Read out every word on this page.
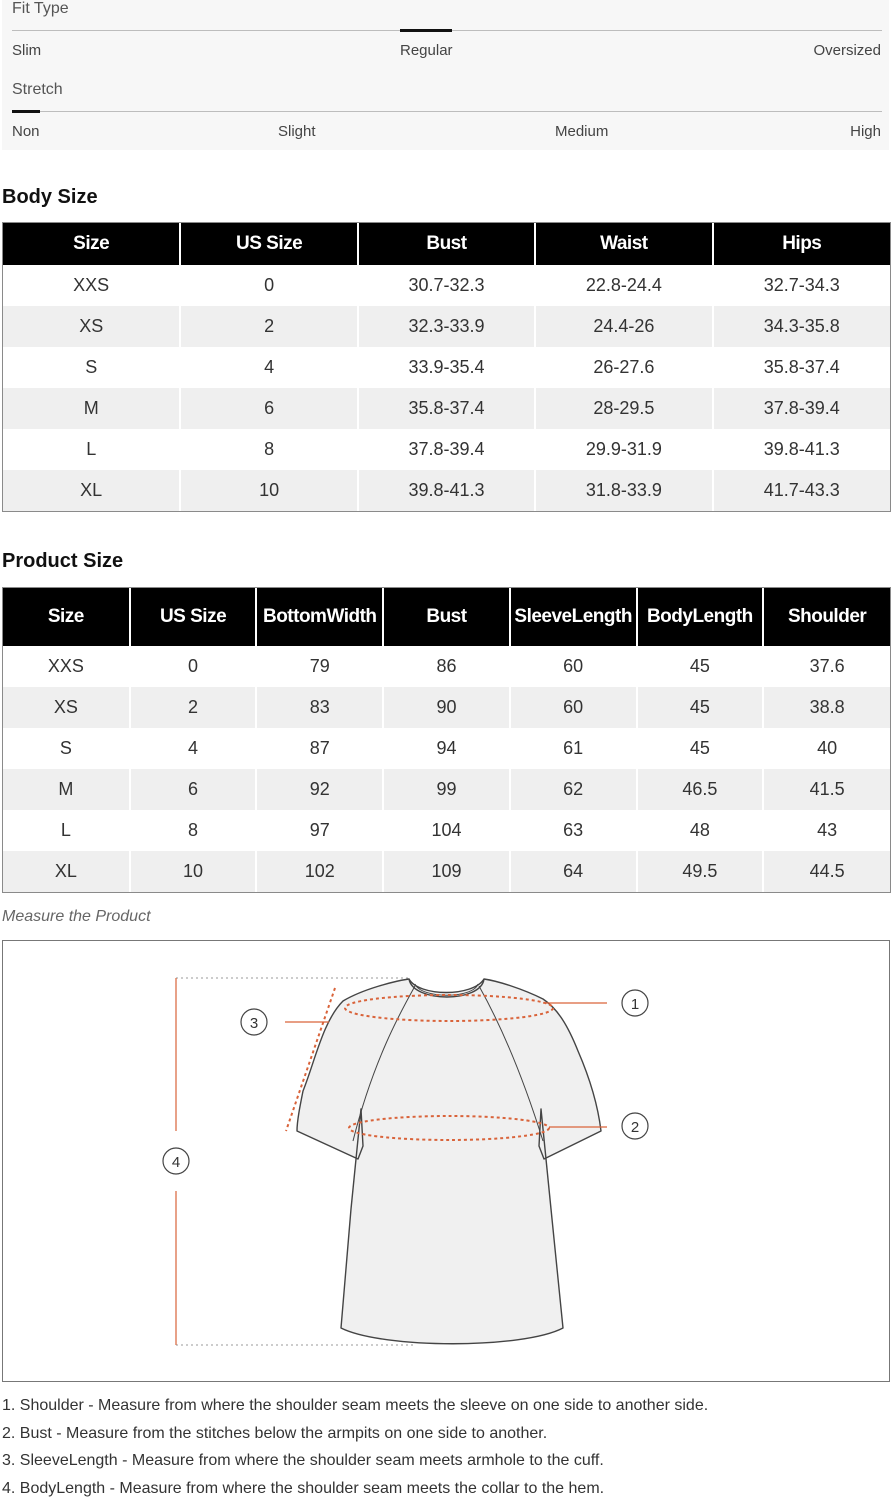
Fit Type
Slim	Regular	Oversized
Stretch
Non	Slight	Medium	High
Body Size
Size	US Size	Bust	Waist	Hips
XXS	0	30.7-32.3	22.8-24.4	32.7-34.3
XS	2	32.3-33.9	24.4-26	34.3-35.8
S	4	33.9-35.4	26-27.6	35.8-37.4
M	6	35.8-37.4	28-29.5	37.8-39.4
L	8	37.8-39.4	29.9-31.9	39.8-41.3
XL	10	39.8-41.3	31.8-33.9	41.7-43.3
Product Size
Size	US Size	BottomWidth	Bust	SleeveLength	BodyLength	Shoulder
XXS	0	79	86	60	45	37.6
XS	2	83	90	60	45	38.8
S	4	87	94	61	45	40
M	6	92	99	62	46.5	41.5
L	8	97	104	63	48	43
XL	10	102	109	64	49.5	44.5
Measure the Product
1
2
3
4
1. Shoulder - Measure from where the shoulder seam meets the sleeve on one side to another side.
2. Bust - Measure from the stitches below the armpits on one side to another.
3. SleeveLength - Measure from where the shoulder seam meets armhole to the cuff.
4. BodyLength - Measure from where the shoulder seam meets the collar to the hem.
